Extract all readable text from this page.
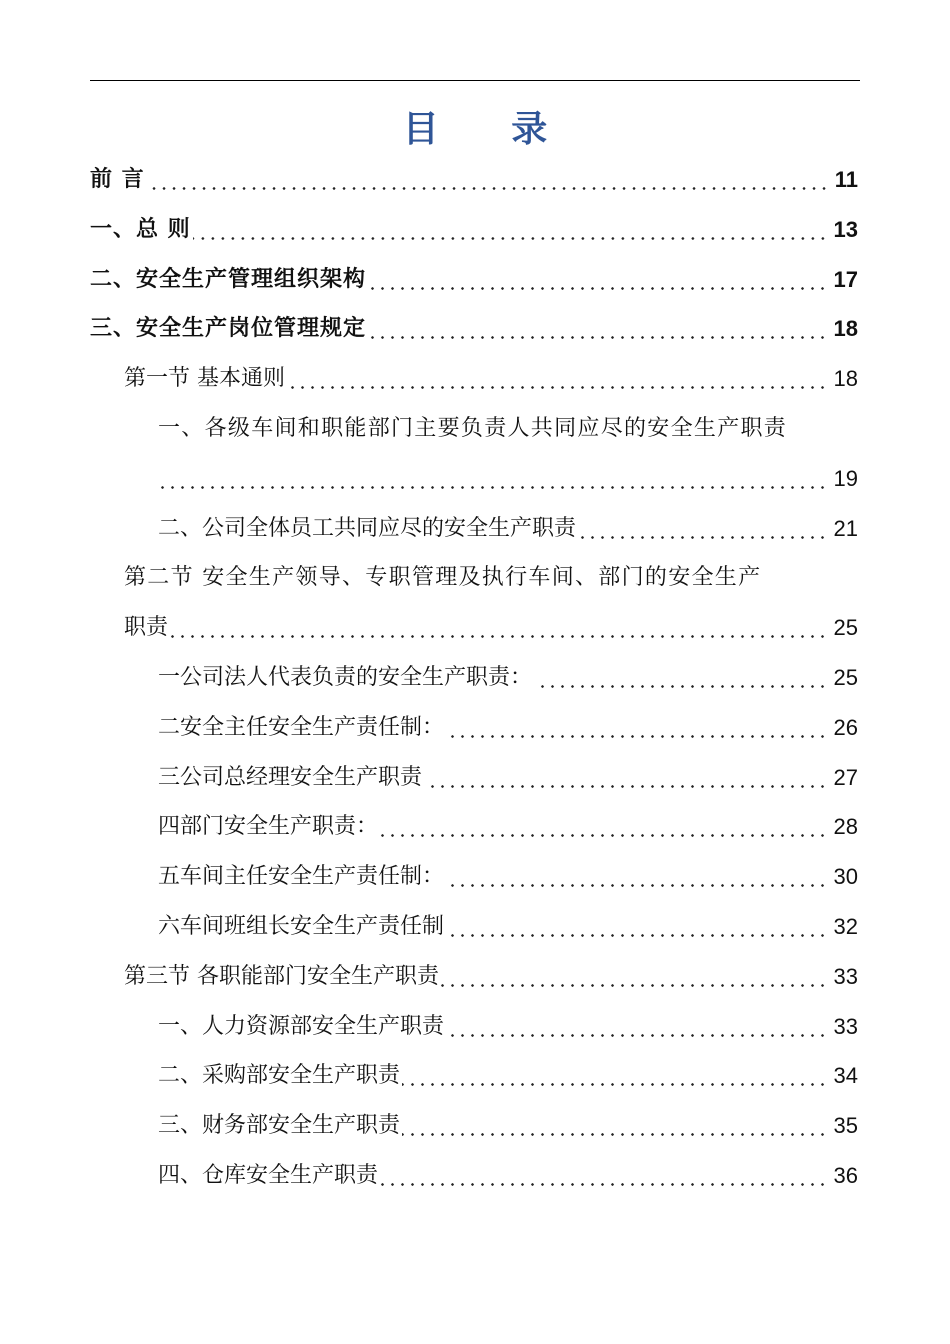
目 录
前 言	11
一、总 则	13
二、安全生产管理组织架构	17
三、安全生产岗位管理规定	18
第一节 基本通则	18
一、各级车间和职能部门主要负责人共同应尽的安全生产职责
19
二、公司全体员工共同应尽的安全生产职责	21
第二节 安全生产领导、专职管理及执行车间、部门的安全生产
职责	25
一公司法人代表负责的安全生产职责：	25
二安全主任安全生产责任制：	26
三公司总经理安全生产职责	27
四部门安全生产职责：	28
五车间主任安全生产责任制：	30
六车间班组长安全生产责任制	32
第三节 各职能部门安全生产职责	33
一、人力资源部安全生产职责	33
二、采购部安全生产职责	34
三、财务部安全生产职责	35
四、仓库安全生产职责	36
